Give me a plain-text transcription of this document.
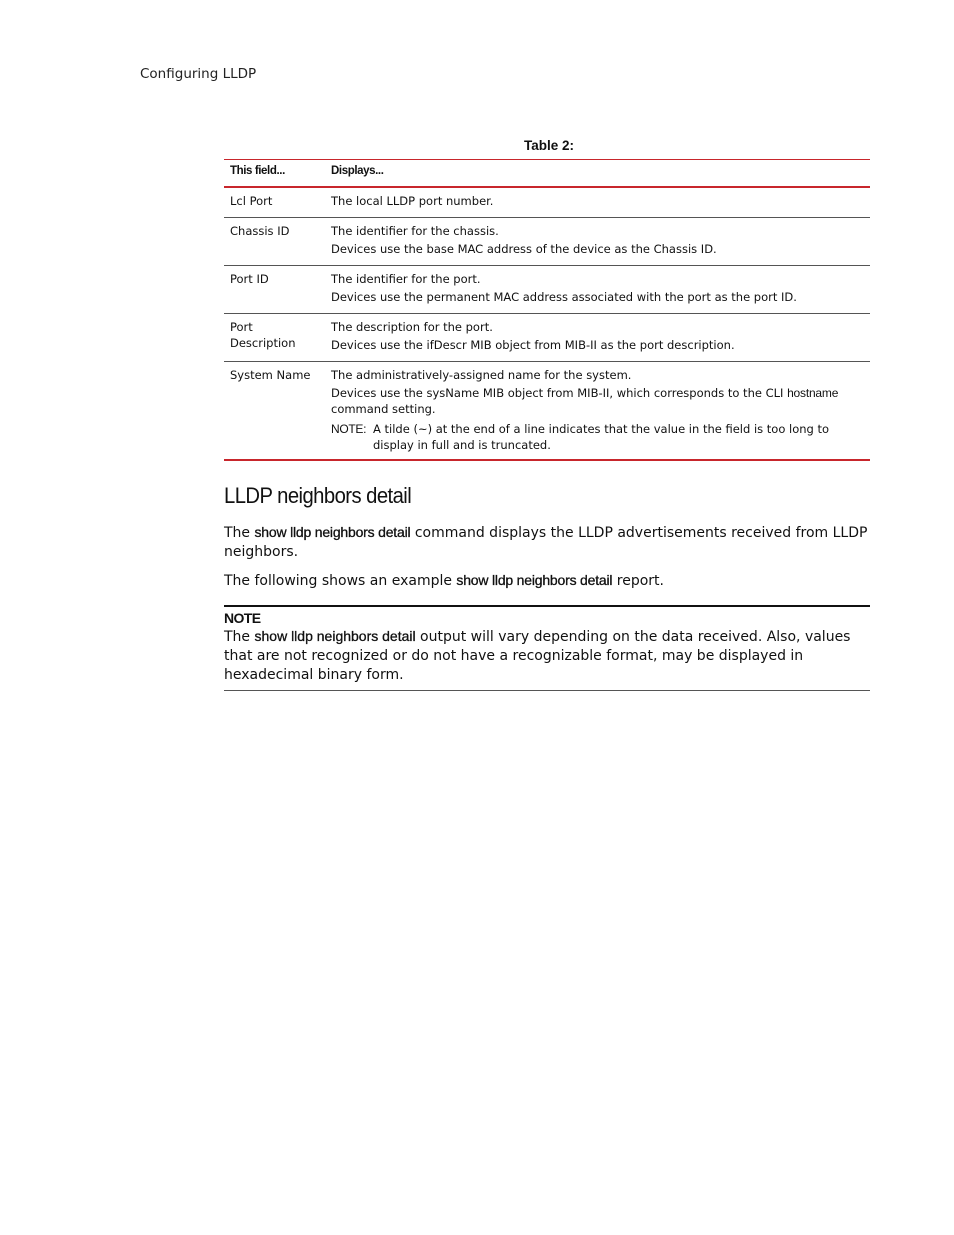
Configuring LLDP
Table 2:
This field...	Displays...
Lcl Port	The local LLDP port number.

Chassis ID	The identifier for the chassis.
Devices use the base MAC address of the device as the Chassis ID.

Port ID	The identifier for the port.
Devices use the permanent MAC address associated with the port as the port ID.

Port Description	The description for the port.
Devices use the ifDescr MIB object from MIB-II as the port description.

System Name	The administratively-assigned name for the system.
Devices use the sysName MIB object from MIB-II, which corresponds to the CLI hostname command setting.
NOTE: A tilde (~) at the end of a line indicates that the value in the field is too long to display in full and is truncated.
LLDP neighbors detail

The show lldp neighbors detail command displays the LLDP advertisements received from LLDP neighbors.

The following shows an example show lldp neighbors detail report.

NOTE

The show lldp neighbors detail output will vary depending on the data received. Also, values that are not recognized or do not have a recognizable format, may be displayed in hexadecimal binary form.
